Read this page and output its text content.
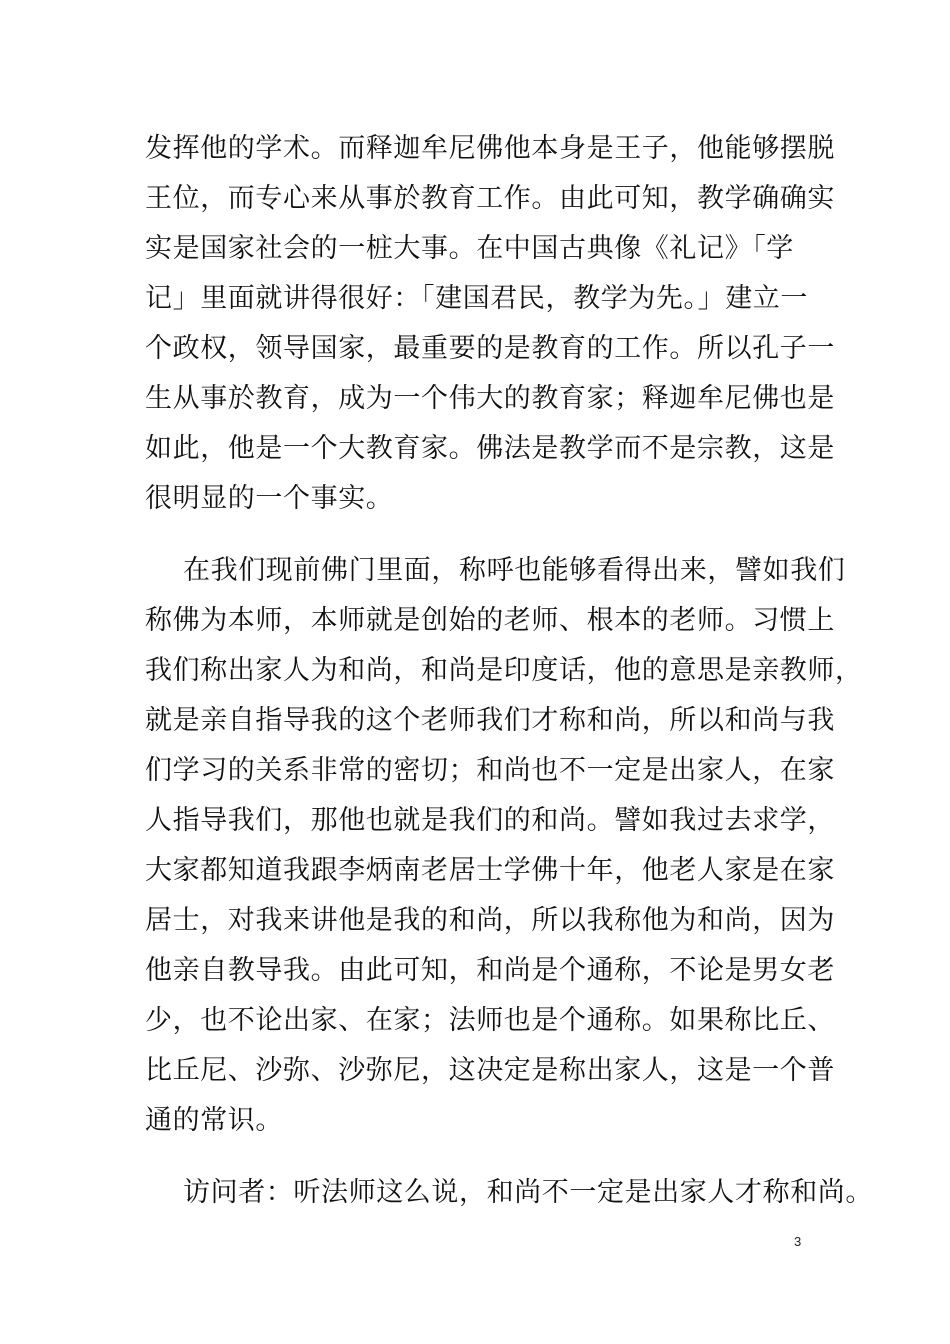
发挥他的学术。而释迦牟尼佛他本身是王子，他能够摆脱
王位，而专心来从事於教育工作。由此可知，教学确确实
实是国家社会的一桩大事。在中国古典像《礼记》「学
记」里面就讲得很好：「建国君民，教学为先。」建立一
个政权，领导国家，最重要的是教育的工作。所以孔子一
生从事於教育，成为一个伟大的教育家；释迦牟尼佛也是
如此，他是一个大教育家。佛法是教学而不是宗教，这是
很明显的一个事实。
在我们现前佛门里面，称呼也能够看得出来，譬如我们
称佛为本师，本师就是创始的老师、根本的老师。习惯上
我们称出家人为和尚，和尚是印度话，他的意思是亲教师，
就是亲自指导我的这个老师我们才称和尚，所以和尚与我
们学习的关系非常的密切；和尚也不一定是出家人，在家
人指导我们，那他也就是我们的和尚。譬如我过去求学，
大家都知道我跟李炳南老居士学佛十年，他老人家是在家
居士，对我来讲他是我的和尚，所以我称他为和尚，因为
他亲自教导我。由此可知，和尚是个通称，不论是男女老
少，也不论出家、在家；法师也是个通称。如果称比丘、
比丘尼、沙弥、沙弥尼，这决定是称出家人，这是一个普
通的常识。
访问者：听法师这么说，和尚不一定是出家人才称和尚。
3
